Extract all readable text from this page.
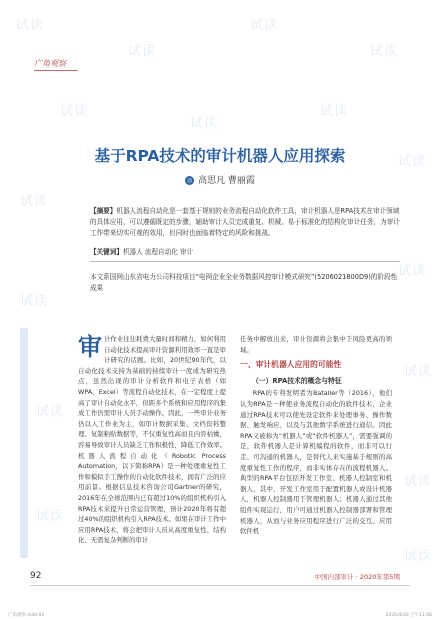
试读
试读
试读
试读
试读
试读
试读
试读
试读
试读
试读
试读
试读
试读
试读
试读
广角观察
基于RPA技术的审计机器人应用探索
◎ 高思凡 曹丽霞
【摘要】机器人流程自动化是一套基于规则的业务流程自动化软件工具，审计机器人是RPA技术在审计领域的具体应用，可以遵循既定的步骤，辅助审计人员完成重复、机械、易于标准化的结构化审计任务，为审计工作带来切实可观的效用，但同时也面临着特定的风险和挑战。
【关键词】机器人 流程自动化 审计
本文系国网山东省电力公司科技项目“电网企业全业务数据风控审计模式研究”(5206021800D9)的阶段性成果
审计作业往往耗费大量时间和精力，如何利用自动化技术提高审计资源利用效率一直是审计研究的话题。比如，20世纪90年代，以自动化技术支持为基础的持续审计一度成为研究热点，虽然出现的审计分析软件和电子表格（如WPA、Excel）等流程自动化技术，在一定程度上提高了审计自动化水平，但距多个系统和应用程序的集成工作仍需审计人员手动操作。因此，一些审计业务仍以人工作业为主，如审计数据采集、文档资料整理、复制粘贴数据等，不仅重复性高而且内容枯燥，容易导致审计人员缺乏工作积极性，降低工作效率。机器人流程自动化（Robotic Process Automation，以下简称RPA）是一种处理重复性工作和模拟手工操作的自动化软件技术，拥有广泛的应用前景。根据信息技术咨询公司Gartner的研究，2016年在全球范围内已有超过10%的组织机构引入RPA技术来提升日常运营管理，预计2020年将有超过40%的组织机构引入RPA技术。如果在审计工作中应用RPA技术，将会把审计人员从高度重复性、结构化、无需复杂判断的审计

任务中解放出来，审计资源将会集中于风险更高的领域。

一、审计机器人应用的可能性
（一）RPA技术的概念与特征

RPA的专利发明者为Bataller等（2016），他们认为RPA是一种使业务流程自动化的软件技术，企业通过RPA技术可以使先设定软件来处理事务、操作数据、触发响应，以及与其他数字系统进行通信。因此RPA又被称为“机器人”或“软件机器人”，需要强调的是，软件机器人是计算机编程的软件，而非可以行走、可沟通的机器人，是替代人来实施基于规则的高度重复性工作的程序，而非实体存在的流程机器人。典型的RPA平台包括开发工作室、机器人控制室和机器人，其中，开发工作室用于配置机器人或设计机器人，机器人控制器用于管理机器人；机器人通过其他组件实现运行，用户可通过机器人控制器部署和管理机器人，从而与业务应用程序进行广泛的交互。应用软件机

92	中国内部审计 · 2020年第5期
广角观察.indd 92	2020/4/20 上午11:06
